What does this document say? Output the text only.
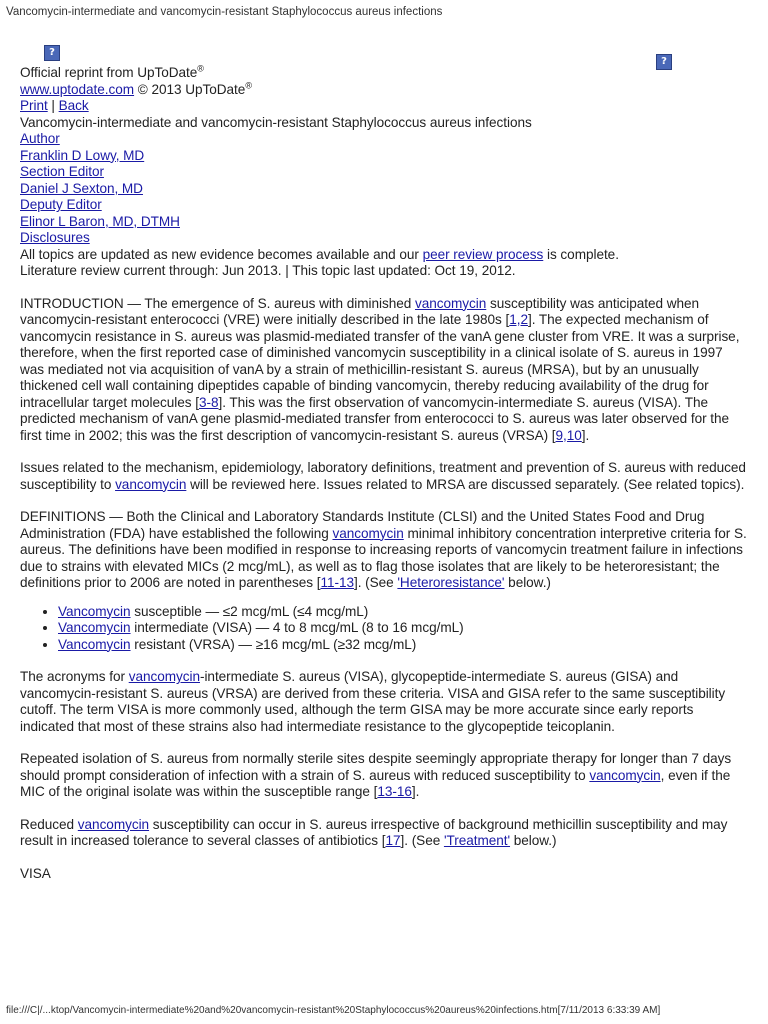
Vancomycin-intermediate and vancomycin-resistant Staphylococcus aureus infections
?
?

Official reprint from UpToDate®

www.uptodate.com © 2013 UpToDate®

Print | Back

Vancomycin-intermediate and vancomycin-resistant Staphylococcus aureus infections

Author

Franklin D Lowy, MD

Section Editor

Daniel J Sexton, MD

Deputy Editor

Elinor L Baron, MD, DTMH

Disclosures

All topics are updated as new evidence becomes available and our peer review process is complete.

Literature review current through: Jun 2013. | This topic last updated: Oct 19, 2012.

INTRODUCTION — The emergence of S. aureus with diminished vancomycin susceptibility was anticipated when vancomycin-resistant enterococci (VRE) were initially described in the late 1980s [1,2]. The expected mechanism of vancomycin resistance in S. aureus was plasmid-mediated transfer of the vanA gene cluster from VRE. It was a surprise, therefore, when the first reported case of diminished vancomycin susceptibility in a clinical isolate of S. aureus in 1997 was mediated not via acquisition of vanA by a strain of methicillin-resistant S. aureus (MRSA), but by an unusually thickened cell wall containing dipeptides capable of binding vancomycin, thereby reducing availability of the drug for intracellular target molecules [3-8]. This was the first observation of vancomycin-intermediate S. aureus (VISA). The predicted mechanism of vanA gene plasmid-mediated transfer from enterococci to S. aureus was later observed for the first time in 2002; this was the first description of vancomycin-resistant S. aureus (VRSA) [9,10].

Issues related to the mechanism, epidemiology, laboratory definitions, treatment and prevention of S. aureus with reduced susceptibility to vancomycin will be reviewed here. Issues related to MRSA are discussed separately. (See related topics).

DEFINITIONS — Both the Clinical and Laboratory Standards Institute (CLSI) and the United States Food and Drug Administration (FDA) have established the following vancomycin minimal inhibitory concentration interpretive criteria for S. aureus. The definitions have been modified in response to increasing reports of vancomycin treatment failure in infections due to strains with elevated MICs (2 mcg/mL), as well as to flag those isolates that are likely to be heteroresistant; the definitions prior to 2006 are noted in parentheses [11-13]. (See 'Heteroresistance' below.)

• Vancomycin susceptible — ≤2 mcg/mL (≤4 mcg/mL)
• Vancomycin intermediate (VISA) — 4 to 8 mcg/mL (8 to 16 mcg/mL)
• Vancomycin resistant (VRSA) — ≥16 mcg/mL (≥32 mcg/mL)

The acronyms for vancomycin-intermediate S. aureus (VISA), glycopeptide-intermediate S. aureus (GISA) and vancomycin-resistant S. aureus (VRSA) are derived from these criteria. VISA and GISA refer to the same susceptibility cutoff. The term VISA is more commonly used, although the term GISA may be more accurate since early reports indicated that most of these strains also had intermediate resistance to the glycopeptide teicoplanin.

Repeated isolation of S. aureus from normally sterile sites despite seemingly appropriate therapy for longer than 7 days should prompt consideration of infection with a strain of S. aureus with reduced susceptibility to vancomycin, even if the MIC of the original isolate was within the susceptible range [13-16].

Reduced vancomycin susceptibility can occur in S. aureus irrespective of background methicillin susceptibility and may result in increased tolerance to several classes of antibiotics [17]. (See 'Treatment' below.)

VISA

file:///C|/...ktop/Vancomycin-intermediate%20and%20vancomycin-resistant%20Staphylococcus%20aureus%20infections.htm[7/11/2013 6:33:39 AM]
